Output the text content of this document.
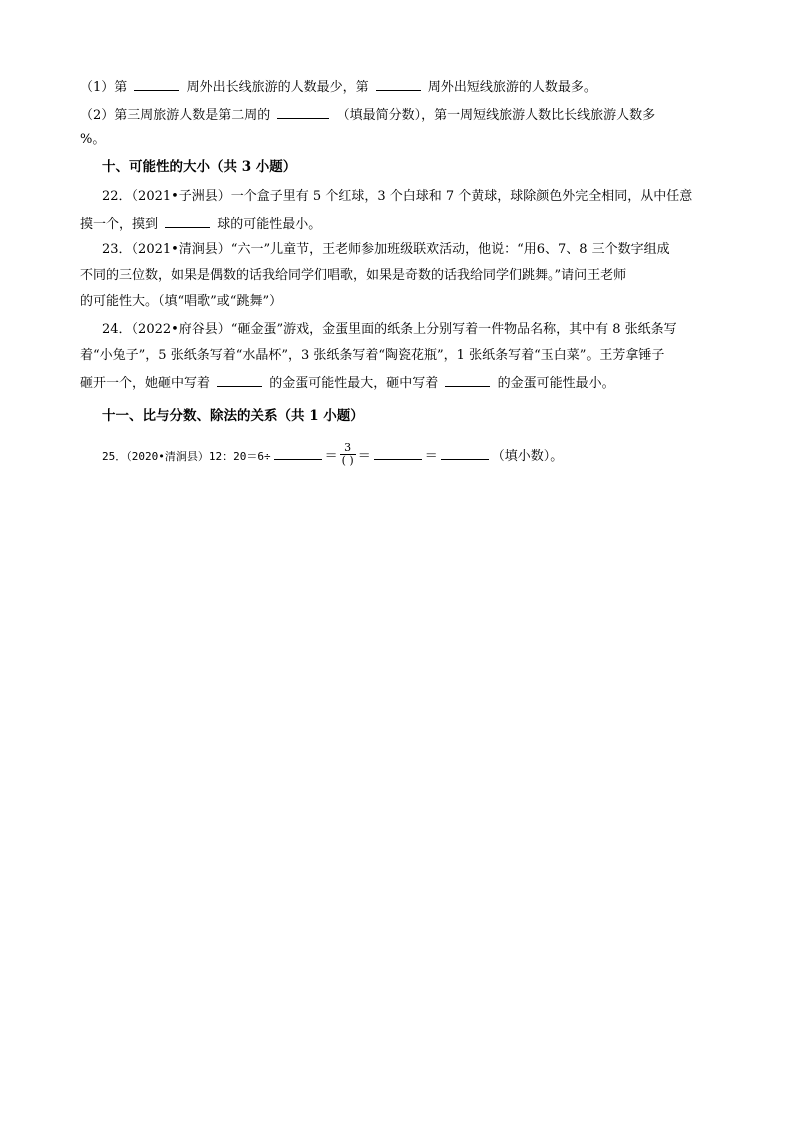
（1）第	周外出长线旅游的人数最少，第	周外出短线旅游的人数最多。
（2）第三周旅游人数是第二周的	（填最简分数），第一周短线旅游人数比长线旅游人数多
%。
十、可能性的大小（共 3 小题）
22．（2021•子洲县）一个盒子里有 5 个红球，3 个白球和 7 个黄球，球除颜色外完全相同，从中任意
摸一个，摸到	球的可能性最小。
23．（2021•清涧县）“六一”儿童节，王老师参加班级联欢活动，他说：“用6、7、8 三个数字组成
不同的三位数，如果是偶数的话我给同学们唱歌，如果是奇数的话我给同学们跳舞。”请问王老师
的可能性大。（填“唱歌”或“跳舞”）
24．（2022•府谷县）“砸金蛋”游戏，金蛋里面的纸条上分别写着一件物品名称，其中有 8 张纸条写
着“小兔子”，5 张纸条写着“水晶杯”，3 张纸条写着“陶瓷花瓶”，1 张纸条写着“玉白菜”。王芳拿锤子
砸开一个，她砸中写着	的金蛋可能性最大，砸中写着	的金蛋可能性最小。
十一、比与分数、除法的关系（共 1 小题）
25．（2020•清涧县）12：20＝6÷	＝ $\frac{3}{( )}$ ＝	＝	（填小数）。
